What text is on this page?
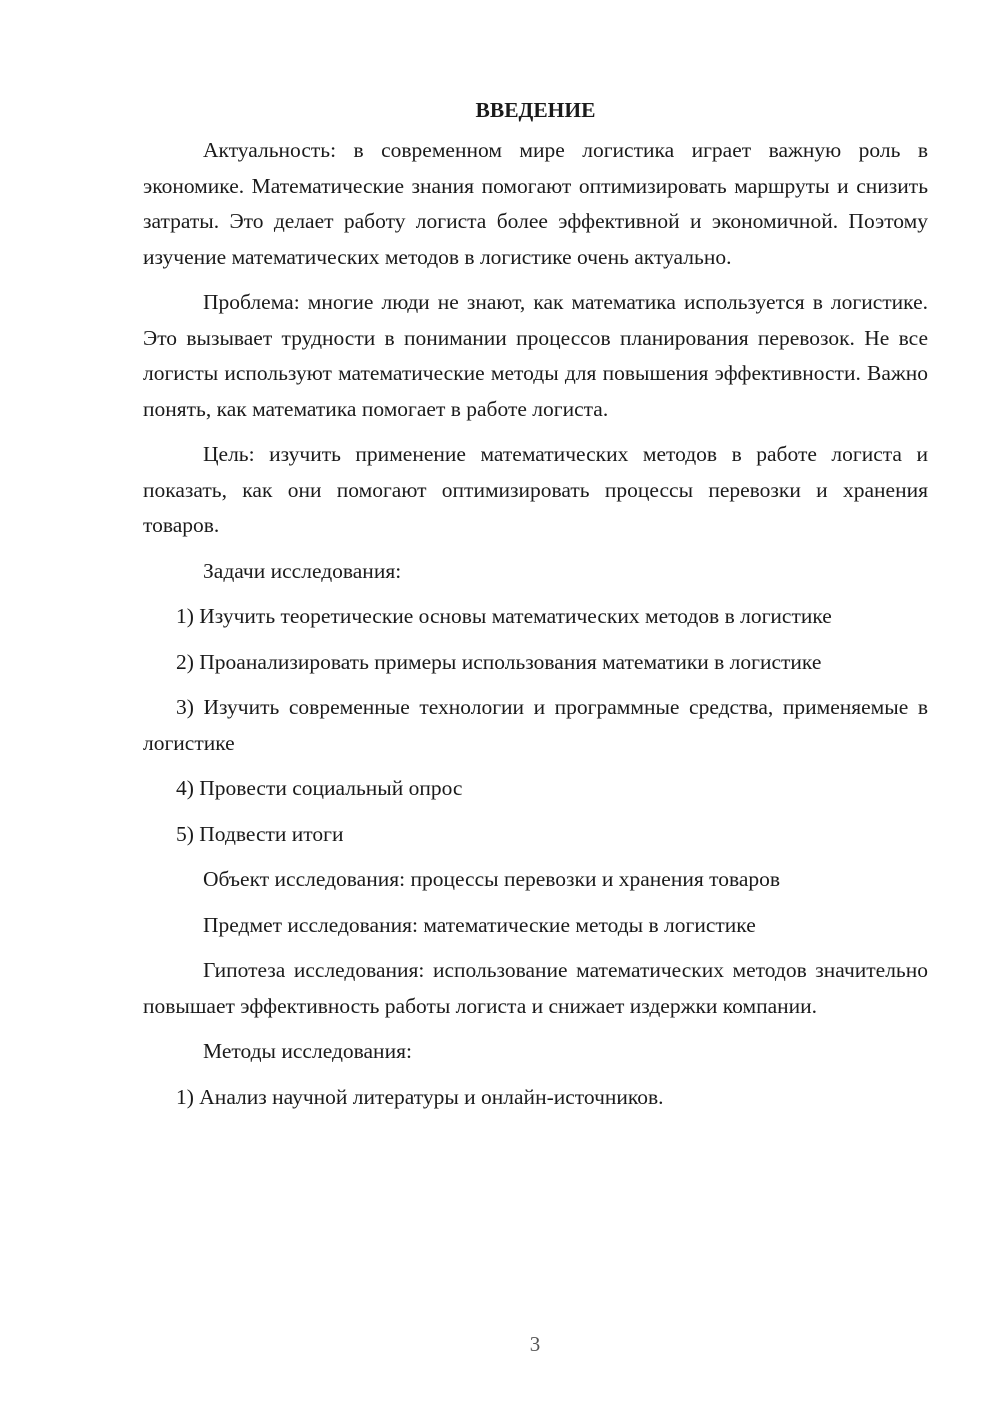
ВВЕДЕНИЕ

Актуальность: в современном мире логистика играет важную роль в экономике. Математические знания помогают оптимизировать маршруты и снизить затраты. Это делает работу логиста более эффективной и экономичной. Поэтому изучение математических методов в логистике очень актуально.

Проблема: многие люди не знают, как математика используется в логистике. Это вызывает трудности в понимании процессов планирования перевозок. Не все логисты используют математические методы для повышения эффективности. Важно понять, как математика помогает в работе логиста.

Цель: изучить применение математических методов в работе логиста и показать, как они помогают оптимизировать процессы перевозки и хранения товаров.

Задачи исследования:

1) Изучить теоретические основы математических методов в логистике

2) Проанализировать примеры использования математики в логистике

3) Изучить современные технологии и программные средства, применяемые в логистике

4) Провести социальный опрос

5) Подвести итоги

Объект исследования: процессы перевозки и хранения товаров

Предмет исследования: математические методы в логистике

Гипотеза исследования: использование математических методов значительно повышает эффективность работы логиста и снижает издержки компании.

Методы исследования:

1) Анализ научной литературы и онлайн-источников.

3
